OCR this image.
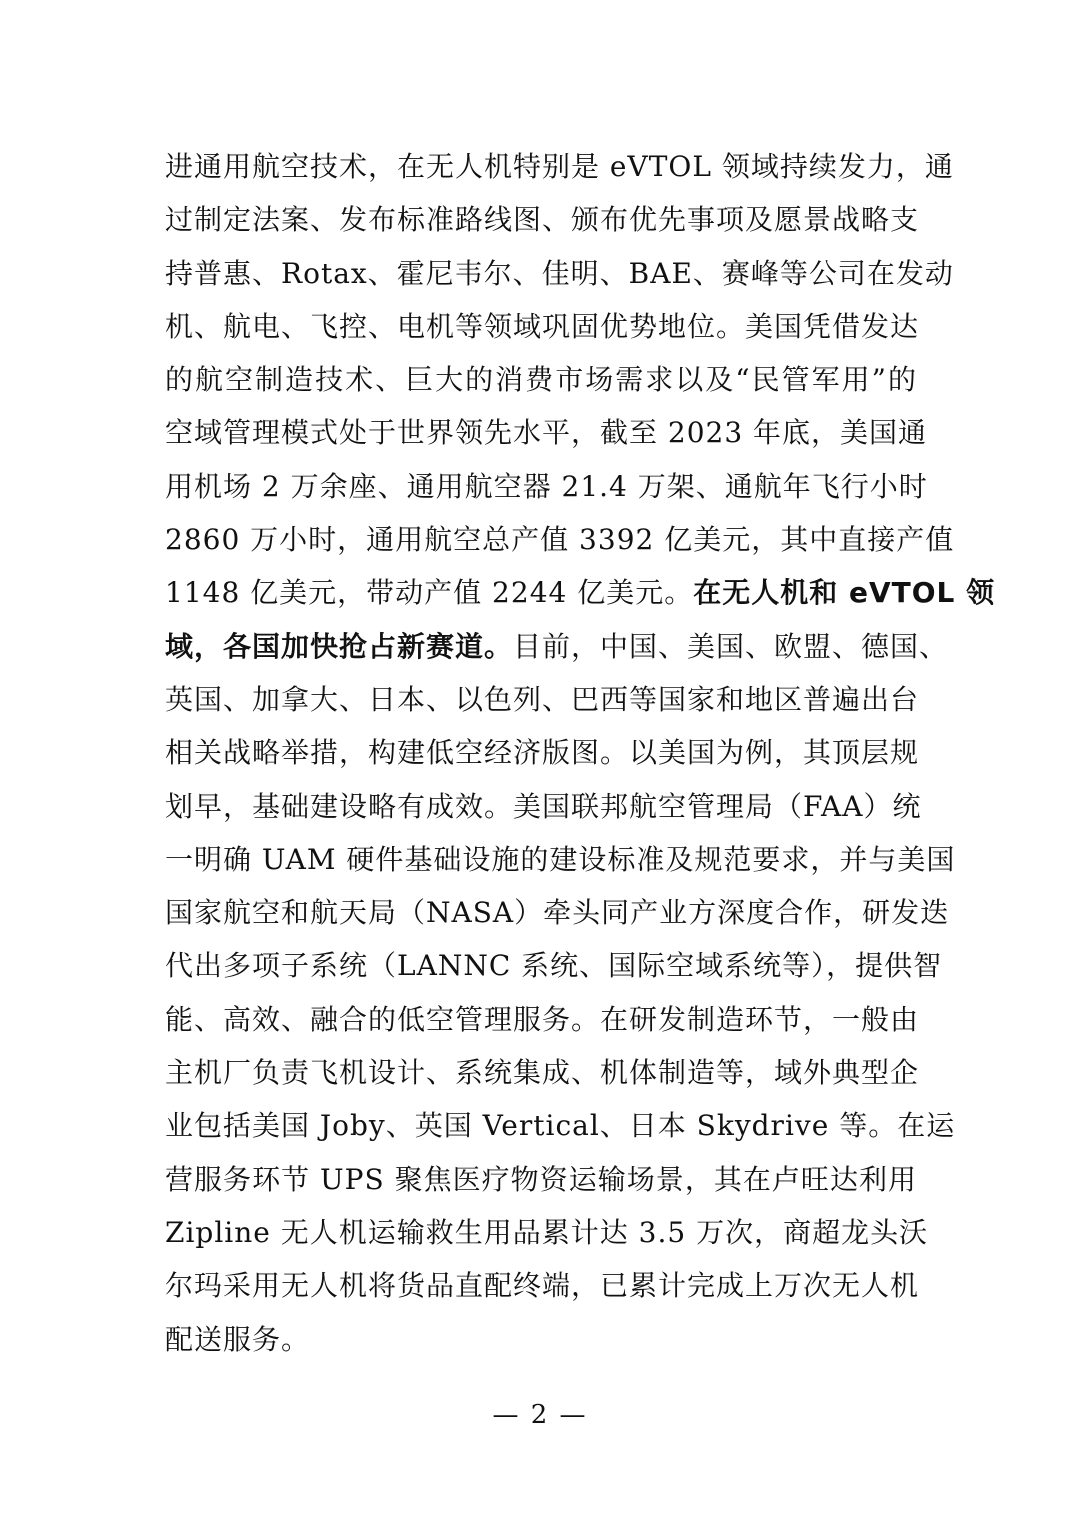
进通用航空技术，在无人机特别是 eVTOL 领域持续发力，通
过制定法案、发布标准路线图、颁布优先事项及愿景战略支
持普惠、Rotax、霍尼韦尔、佳明、BAE、赛峰等公司在发动
机、航电、飞控、电机等领域巩固优势地位。美国凭借发达
的航空制造技术、巨大的消费市场需求以及“民管军用”的
空域管理模式处于世界领先水平，截至 2023 年底，美国通
用机场 2 万余座、通用航空器 21.4 万架、通航年飞行小时
2860 万小时，通用航空总产值 3392 亿美元，其中直接产值
1148 亿美元，带动产值 2244 亿美元。在无人机和 eVTOL 领
域，各国加快抢占新赛道。目前，中国、美国、欧盟、德国、
英国、加拿大、日本、以色列、巴西等国家和地区普遍出台
相关战略举措，构建低空经济版图。以美国为例，其顶层规
划早，基础建设略有成效。美国联邦航空管理局（FAA）统
一明确 UAM 硬件基础设施的建设标准及规范要求，并与美国
国家航空和航天局（NASA）牵头同产业方深度合作，研发迭
代出多项子系统（LANNC 系统、国际空域系统等），提供智
能、高效、融合的低空管理服务。在研发制造环节，一般由
主机厂负责飞机设计、系统集成、机体制造等，域外典型企
业包括美国 Joby、英国 Vertical、日本 Skydrive 等。在运
营服务环节 UPS 聚焦医疗物资运输场景，其在卢旺达利用
Zipline 无人机运输救生用品累计达 3.5 万次，商超龙头沃
尔玛采用无人机将货品直配终端，已累计完成上万次无人机
配送服务。
— 2 —
